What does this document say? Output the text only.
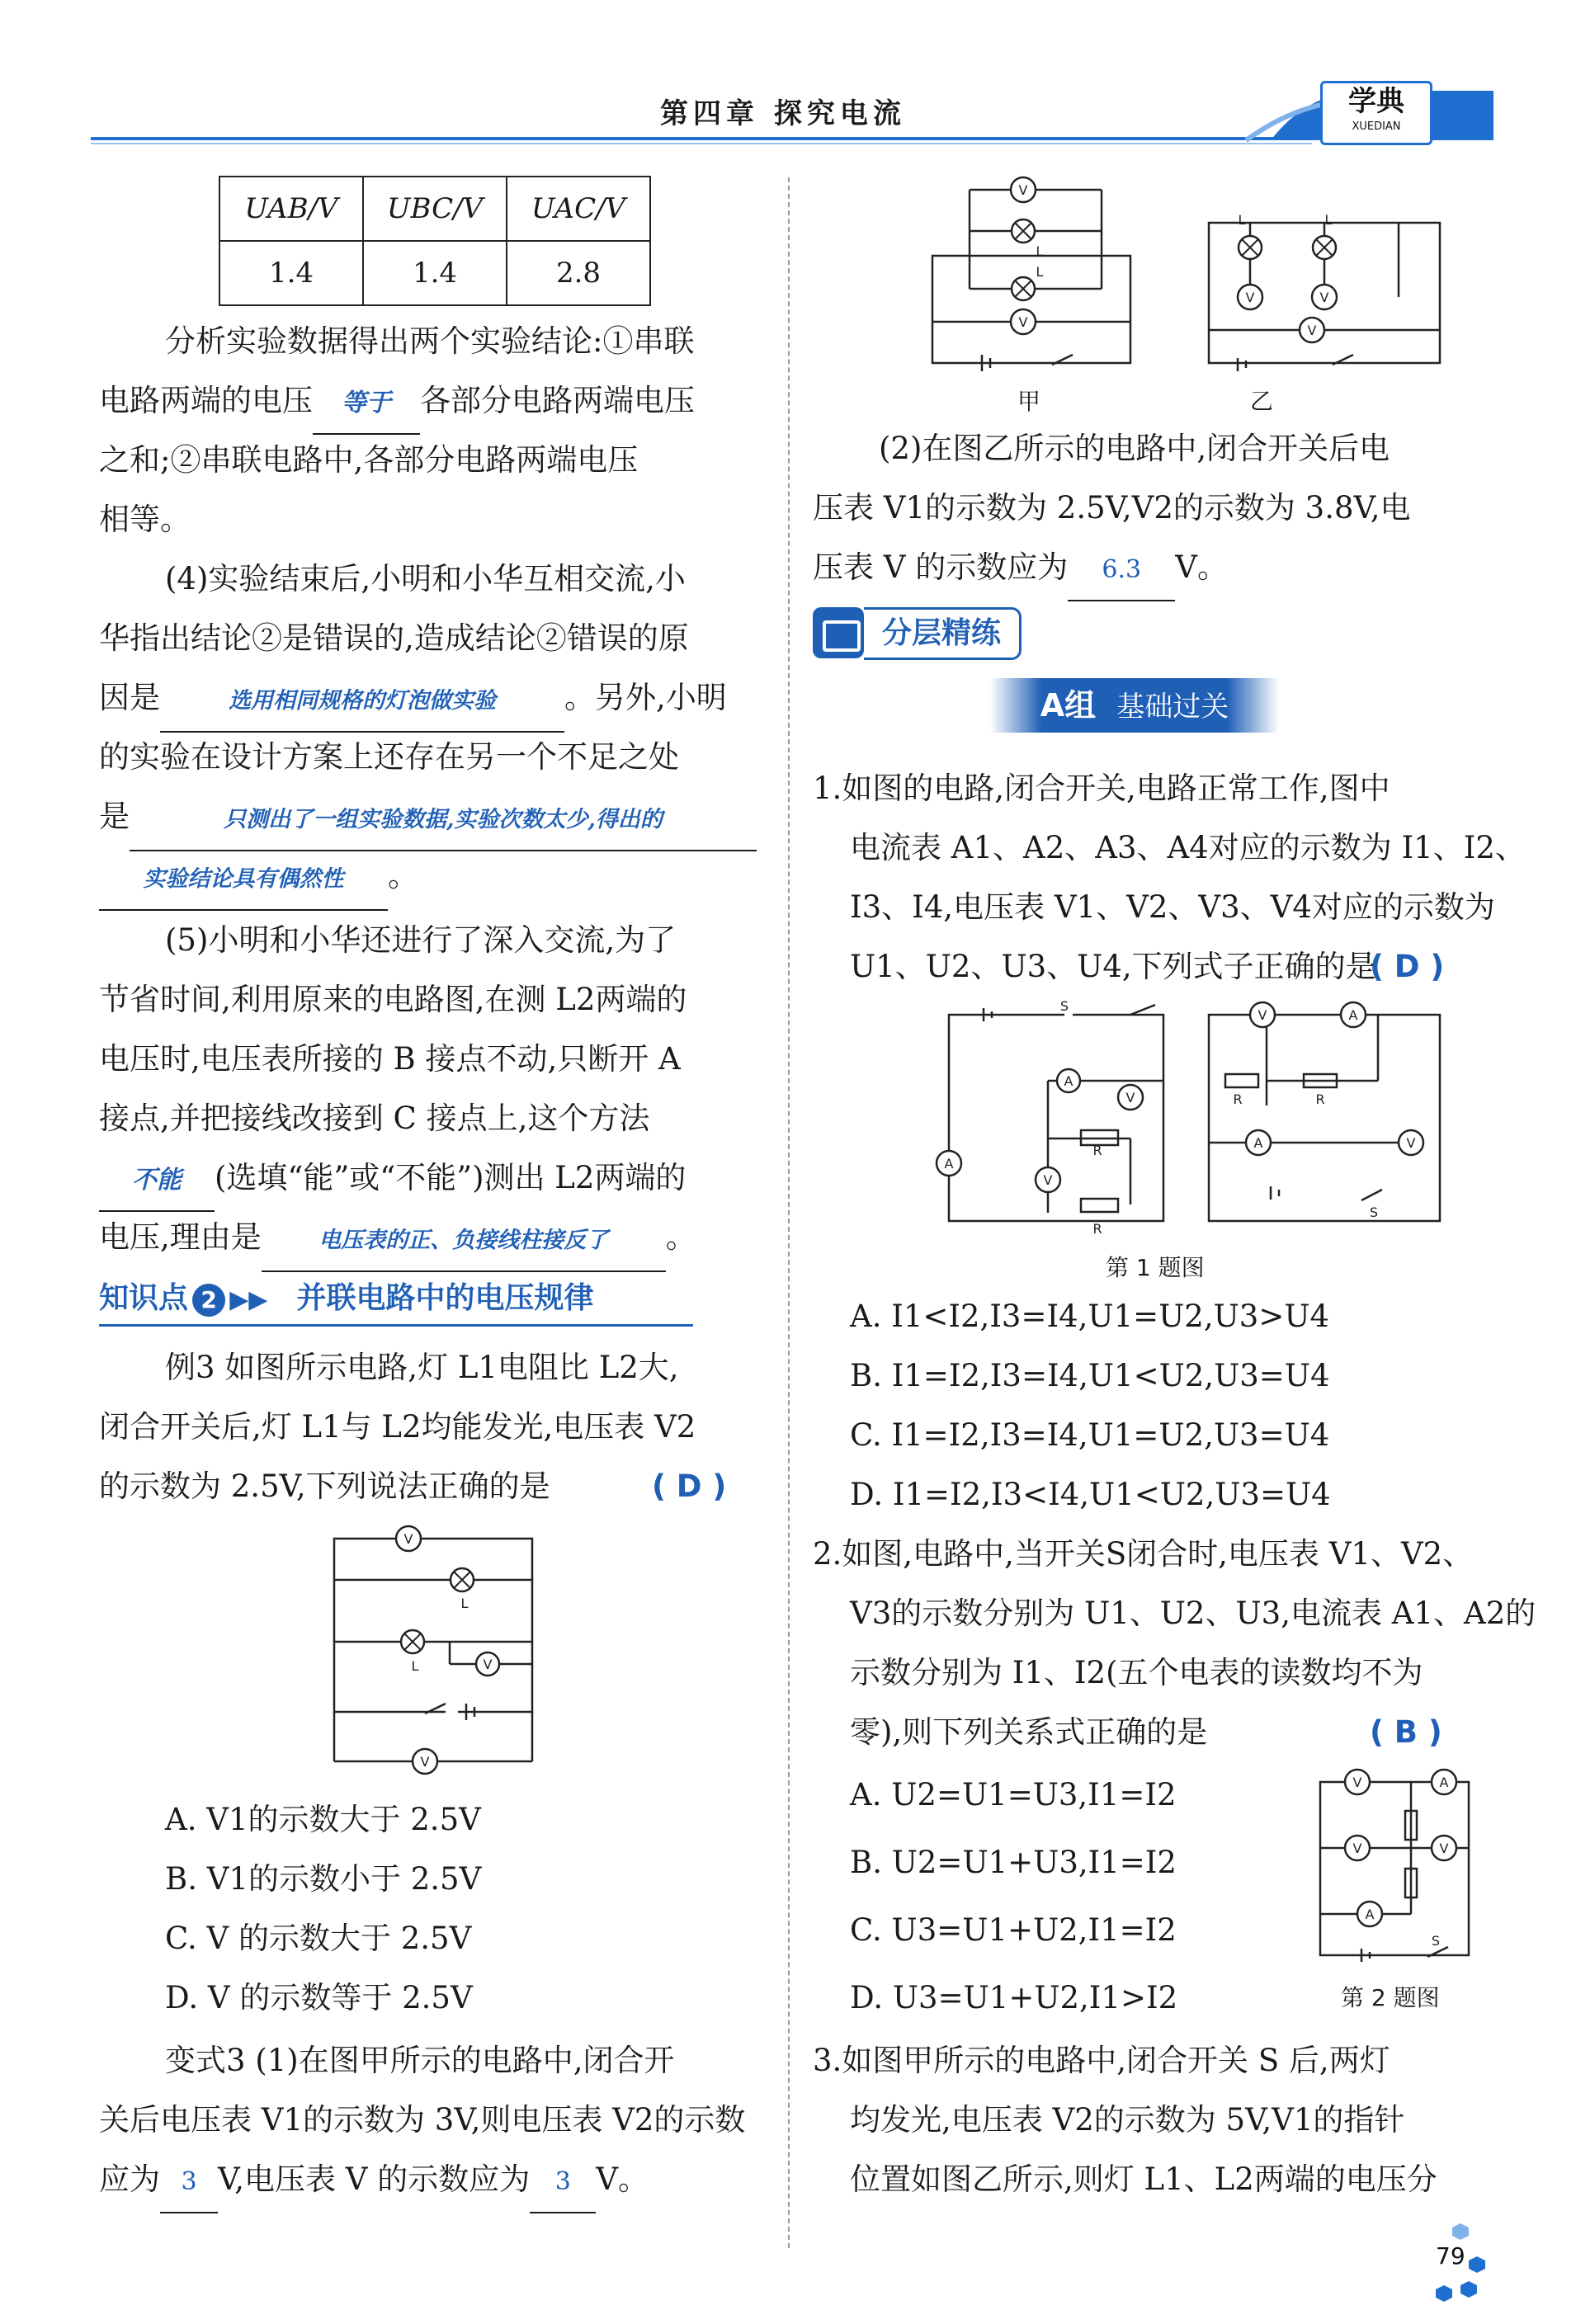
第四章 探究电流	学典
XUEDIAN
UAB/V	UBC/V	UAC/V
1.4	1.4	2.8
分析实验数据得出两个实验结论:①串联
电路两端的电压 等于 各部分电路两端电压
之和;②串联电路中,各部分电路两端电压
相等。
(4)实验结束后,小明和小华互相交流,小
华指出结论②是错误的,造成结论②错误的原
因是	选用相同规格的灯泡做实验 。另外,小明
的实验在设计方案上还存在另一个不足之处
是	只测出了一组实验数据,实验次数太少,得出的
实验结论具有偶然性 。
(5)小明和小华还进行了深入交流,为了
节省时间,利用原来的电路图,在测 L2两端的
电压时,电压表所接的 B 接点不动,只断开 A
接点,并把接线改接到 C 接点上,这个方法
不能 (选填“能”或“不能”)测出 L2两端的
电压,理由是	电压表的正、负接线柱接反了 。
知识点 2 ▶▶ 并联电路中的电压规律
例3 如图所示电路,灯 L1电阻比 L2大,
闭合开关后,灯 L1与 L2均能发光,电压表 V2
的示数为 2.5V,下列说法正确的是	( D )
V
V
V
L
L
A. V1的示数大于 2.5V
B. V1的示数小于 2.5V
C. V 的示数大于 2.5V
D. V 的示数等于 2.5V
变式3 (1)在图甲所示的电路中,闭合开
关后电压表 V1的示数为 3V,则电压表 V2的示数
应为 3 V,电压表 V 的示数应为 3 V。
V
V
V	V
V
L
L
L	L
甲	乙
(2)在图乙所示的电路中,闭合开关后电
压表 V1的示数为 2.5V,V2的示数为 3.8V,电
压表 V 的示数应为 6.3 V。
分层精练
A组 基础过关
1.如图的电路,闭合开关,电路正常工作,图中
电流表 A1、A2、A3、A4对应的示数为 I1、I2、
I3、I4,电压表 V1、V2、V3、V4对应的示数为
U1、U2、U3、U4,下列式子正确的是
( D )
A
A
V
V
V	A
A	V
S
R
R
S
R	R
第 1 题图
A. I1<I2,I3=I4,U1=U2,U3>U4
B. I1=I2,I3=I4,U1<U2,U3=U4
C. I1=I2,I3=I4,U1=U2,U3=U4
D. I1=I2,I3<I4,U1<U2,U3=U4
2.如图,电路中,当开关S闭合时,电压表 V1、V2、
V3的示数分别为 U1、U2、U3,电流表 A1、A2的
示数分别为 I1、I2(五个电表的读数均不为
零),则下列关系式正确的是	( B )
A. U2=U1=U3,I1=I2
B. U2=U1+U3,I1=I2
C. U3=U1+U2,I1=I2
D. U3=U1+U2,I1>I2
V	A
V	V
A
S
第 2 题图
3.如图甲所示的电路中,闭合开关 S 后,两灯
均发光,电压表 V2的示数为 5V,V1的指针
位置如图乙所示,则灯 L1、L2两端的电压分
79
